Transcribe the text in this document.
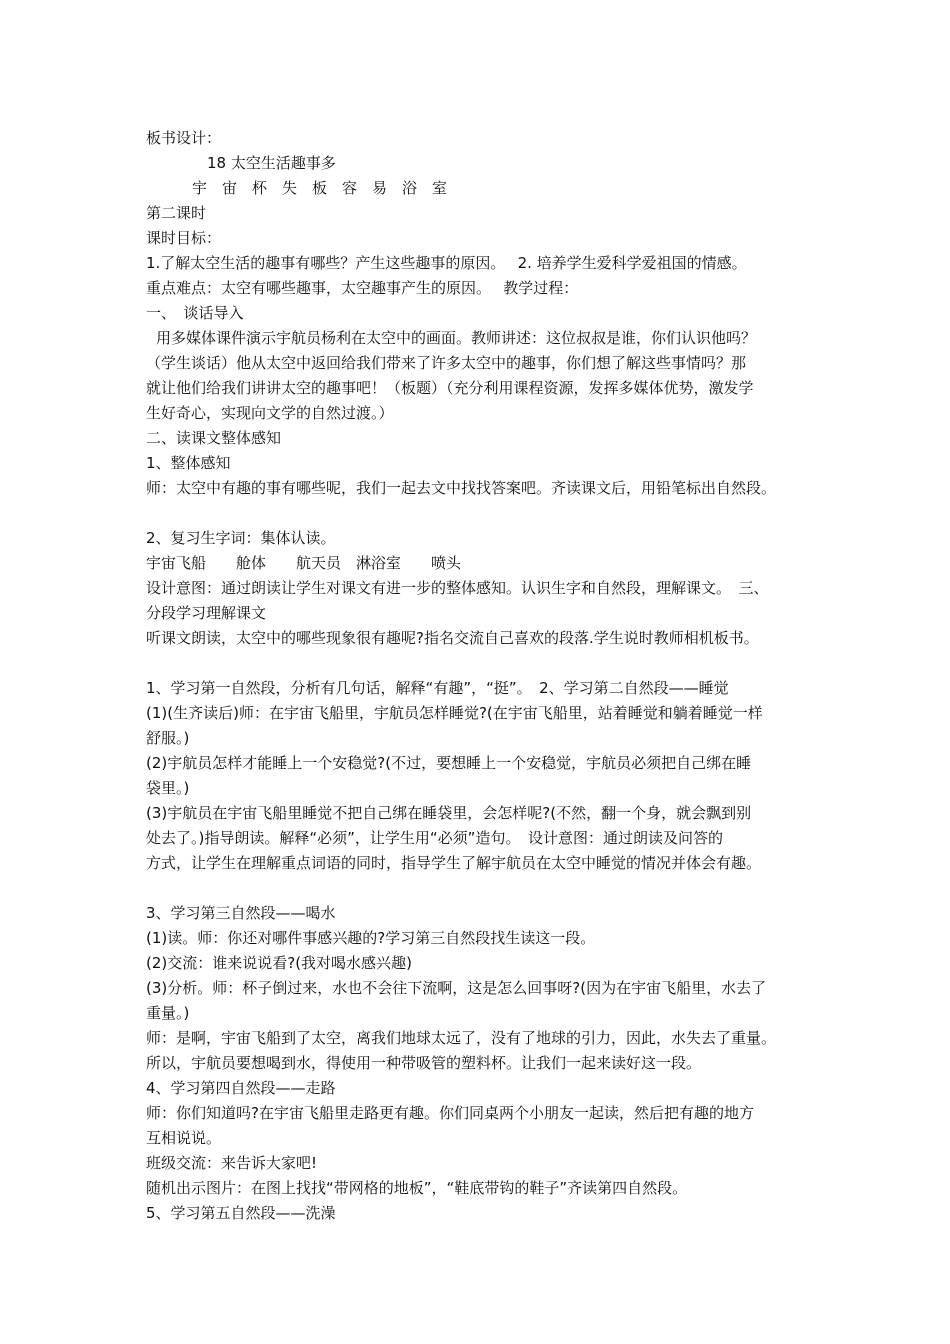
板书设计：
18 太空生活趣事多
宇　宙　杯　失　板　容　易　浴　室
第二课时
课时目标：
1.了解太空生活的趣事有哪些？产生这些趣事的原因。　 2. 培养学生爱科学爱祖国的情感。
重点难点：太空有哪些趣事，太空趣事产生的原因。　 教学过程：
一、　谈话导入
用多媒体课件演示宇航员杨利在太空中的画面。教师讲述：这位叔叔是谁，你们认识他吗？
（学生谈话）他从太空中返回给我们带来了许多太空中的趣事，你们想了解这些事情吗？那
就让他们给我们讲讲太空的趣事吧！（板题）（充分利用课程资源，发挥多媒体优势，激发学
生好奇心，实现向文学的自然过渡。）
二、读课文整体感知
1、整体感知
师：太空中有趣的事有哪些呢，我们一起去文中找找答案吧。齐读课文后，用铅笔标出自然段。
2、复习生字词：集体认读。
宇宙飞船　　舱体　　航天员　淋浴室　　喷头
设计意图：通过朗读让学生对课文有进一步的整体感知。认识生字和自然段，理解课文。　三、
分段学习理解课文
听课文朗读，太空中的哪些现象很有趣呢?指名交流自己喜欢的段落.学生说时教师相机板书。
1、学习第一自然段，分析有几句话，解释“有趣”，“挺”。　2、学习第二自然段——睡觉
(1)(生齐读后)师：在宇宙飞船里，宇航员怎样睡觉?(在宇宙飞船里，站着睡觉和躺着睡觉一样
舒服。)
(2)宇航员怎样才能睡上一个安稳觉?(不过，要想睡上一个安稳觉，宇航员必须把自己绑在睡
袋里。)
(3)宇航员在宇宙飞船里睡觉不把自己绑在睡袋里，会怎样呢?(不然，翻一个身，就会飘到别
处去了。)指导朗读。解释“必须”，让学生用“必须”造句。　设计意图：通过朗读及问答的
方式，让学生在理解重点词语的同时，指导学生了解宇航员在太空中睡觉的情况并体会有趣。
3、学习第三自然段——喝水
(1)读。师：你还对哪件事感兴趣的?学习第三自然段找生读这一段。
(2)交流：谁来说说看?(我对喝水感兴趣)
(3)分析。师：杯子倒过来，水也不会往下流啊，这是怎么回事呀?(因为在宇宙飞船里，水去了
重量。)
师：是啊，宇宙飞船到了太空，离我们地球太远了，没有了地球的引力，因此，水失去了重量。
所以，宇航员要想喝到水，得使用一种带吸管的塑料杯。让我们一起来读好这一段。
4、学习第四自然段——走路
师：你们知道吗?在宇宙飞船里走路更有趣。你们同桌两个小朋友一起读，然后把有趣的地方
互相说说。
班级交流：来告诉大家吧!
随机出示图片：在图上找找“带网格的地板”，“鞋底带钩的鞋子”齐读第四自然段。
5、学习第五自然段——洗澡
